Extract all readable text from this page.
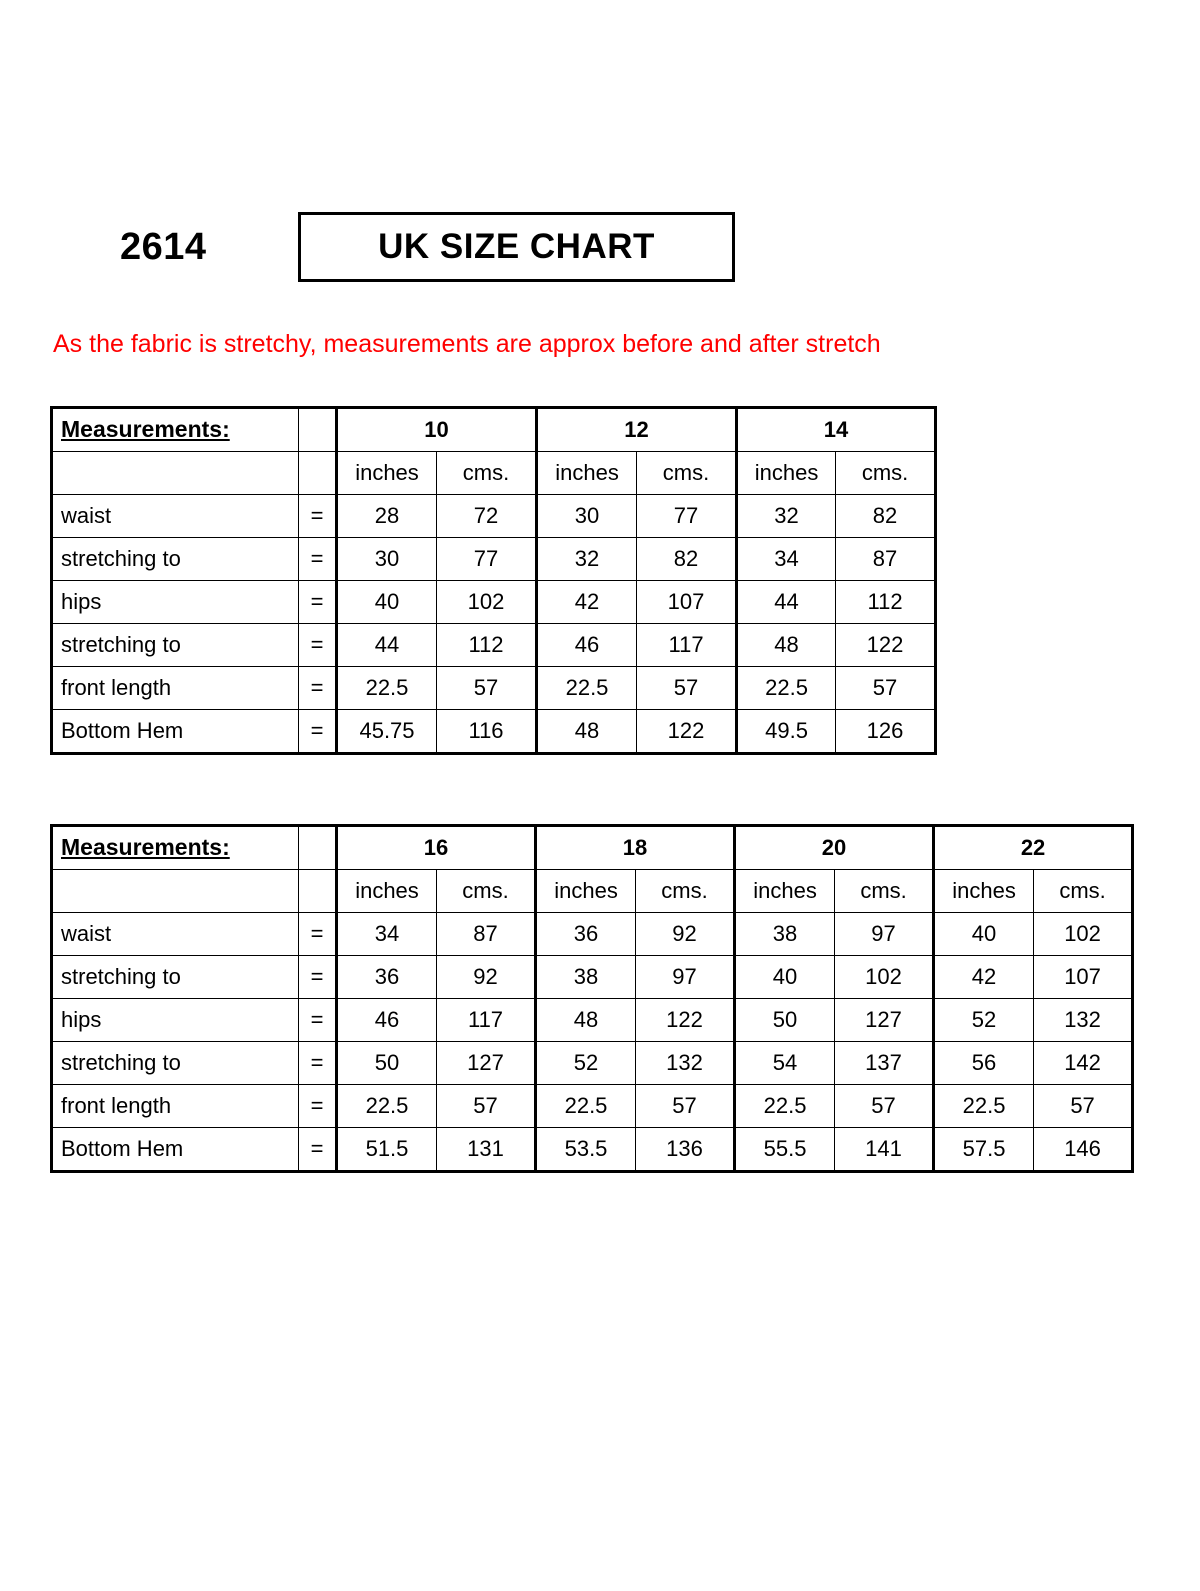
2614	UK SIZE CHART
As the fabric is stretchy, measurements are approx before and after stretch
Measurements:		10		12		14	
		inches	cms.	inches	cms.	inches	cms.
waist	=	28	72	30	77	32	82
stretching to	=	30	77	32	82	34	87
hips	=	40	102	42	107	44	112
stretching to	=	44	112	46	117	48	122
front length	=	22.5	57	22.5	57	22.5	57
Bottom Hem	=	45.75	116	48	122	49.5	126
Measurements:		16		18		20		22	
		inches	cms.	inches	cms.	inches	cms.	inches	cms.
waist	=	34	87	36	92	38	97	40	102
stretching to	=	36	92	38	97	40	102	42	107
hips	=	46	117	48	122	50	127	52	132
stretching to	=	50	127	52	132	54	137	56	142
front length	=	22.5	57	22.5	57	22.5	57	22.5	57
Bottom Hem	=	51.5	131	53.5	136	55.5	141	57.5	146
